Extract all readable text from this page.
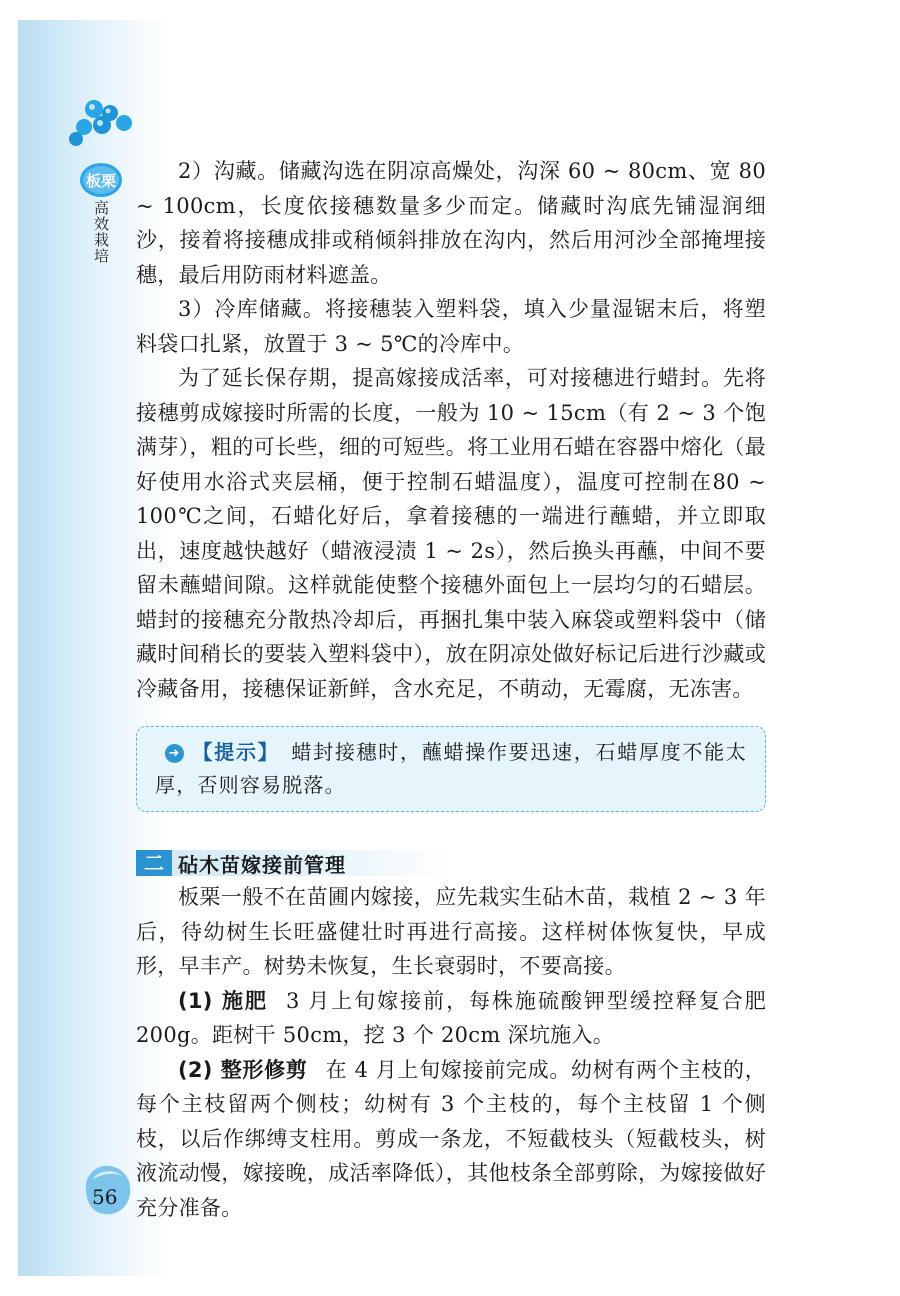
板栗
高效栽培

2）沟藏。储藏沟选在阴凉高燥处，沟深 60 ~ 80cm、宽 80 ~ 100cm，长度依接穗数量多少而定。储藏时沟底先铺湿润细沙，接着将接穗成排或稍倾斜排放在沟内，然后用河沙全部掩埋接穗，最后用防雨材料遮盖。

3）冷库储藏。将接穗装入塑料袋，填入少量湿锯末后，将塑料袋口扎紧，放置于 3 ~ 5℃的冷库中。

为了延长保存期，提高嫁接成活率，可对接穗进行蜡封。先将接穗剪成嫁接时所需的长度，一般为 10 ~ 15cm（有 2 ~ 3 个饱满芽），粗的可长些，细的可短些。将工业用石蜡在容器中熔化（最好使用水浴式夹层桶，便于控制石蜡温度），温度可控制在80 ~ 100℃之间，石蜡化好后，拿着接穗的一端进行蘸蜡，并立即取出，速度越快越好（蜡液浸渍 1 ~ 2s），然后换头再蘸，中间不要留未蘸蜡间隙。这样就能使整个接穗外面包上一层均匀的石蜡层。蜡封的接穗充分散热冷却后，再捆扎集中装入麻袋或塑料袋中（储藏时间稍长的要装入塑料袋中），放在阴凉处做好标记后进行沙藏或冷藏备用，接穗保证新鲜，含水充足，不萌动，无霉腐，无冻害。

➜ 【提示】 蜡封接穗时，蘸蜡操作要迅速，石蜡厚度不能太厚，否则容易脱落。
二 砧木苗嫁接前管理

板栗一般不在苗圃内嫁接，应先栽实生砧木苗，栽植 2 ~ 3 年后，待幼树生长旺盛健壮时再进行高接。这样树体恢复快，早成形，早丰产。树势未恢复，生长衰弱时，不要高接。

(1) 施肥 3 月上旬嫁接前，每株施硫酸钾型缓控释复合肥 200g。距树干 50cm，挖 3 个 20cm 深坑施入。

(2) 整形修剪 在 4 月上旬嫁接前完成。幼树有两个主枝的，每个主枝留两个侧枝；幼树有 3 个主枝的，每个主枝留 1 个侧枝，以后作绑缚支柱用。剪成一条龙，不短截枝头（短截枝头，树液流动慢，嫁接晚，成活率降低），其他枝条全部剪除，为嫁接做好充分准备。

56
